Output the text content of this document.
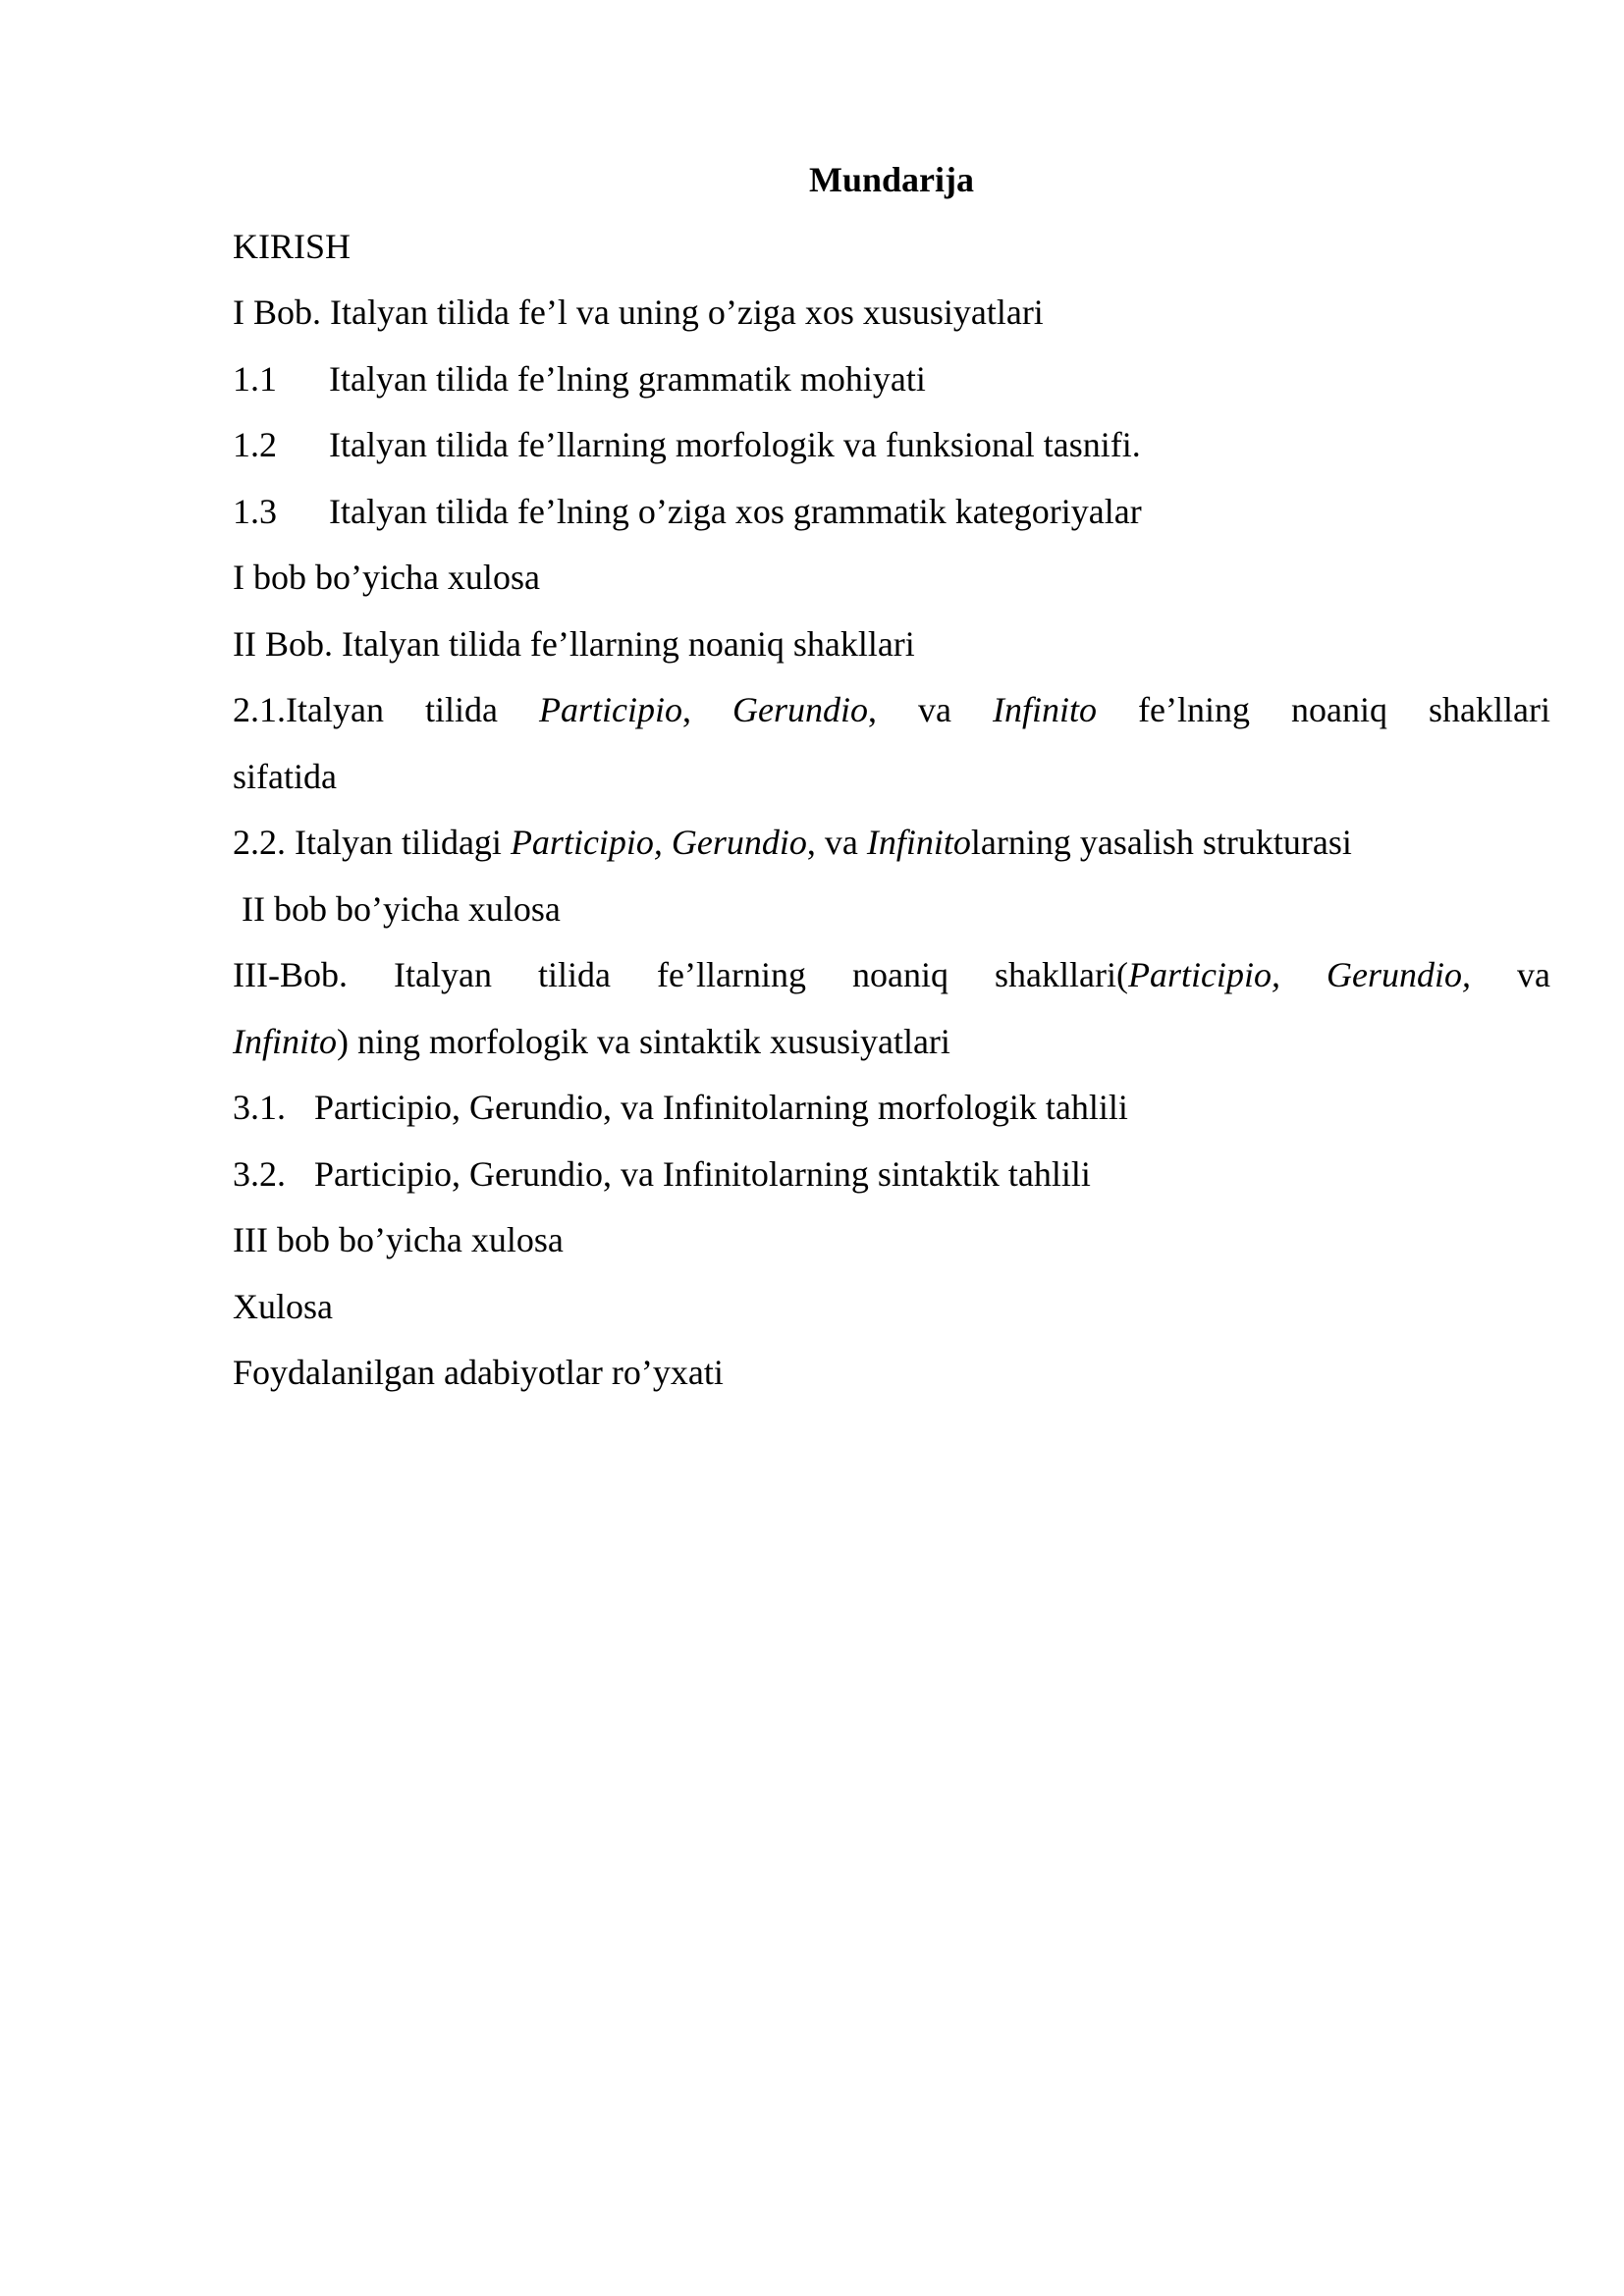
Mundarija

KIRISH

I Bob. Italyan tilida fe’l va uning o’ziga xos xususiyatlari

1.1 Italyan tilida fe’lning grammatik mohiyati

1.2 Italyan tilida fe’llarning morfologik va funksional tasnifi.

1.3 Italyan tilida fe’lning o’ziga xos grammatik kategoriyalar

I bob bo’yicha xulosa

II Bob. Italyan tilida fe’llarning noaniq shakllari

2.1.Italyan tilida Participio, Gerundio, va Infinito fe’lning noaniq shakllari
sifatida

2.2. Italyan tilidagi Participio, Gerundio, va Infinitolarning yasalish strukturasi

II bob bo’yicha xulosa

III-Bob. Italyan tilida fe’llarning noaniq shakllari(Participio, Gerundio, va
Infinito) ning morfologik va sintaktik xususiyatlari

3.1. Participio, Gerundio, va Infinitolarning morfologik tahlili

3.2. Participio, Gerundio, va Infinitolarning sintaktik tahlili

III bob bo’yicha xulosa

Xulosa

Foydalanilgan adabiyotlar ro’yxati
